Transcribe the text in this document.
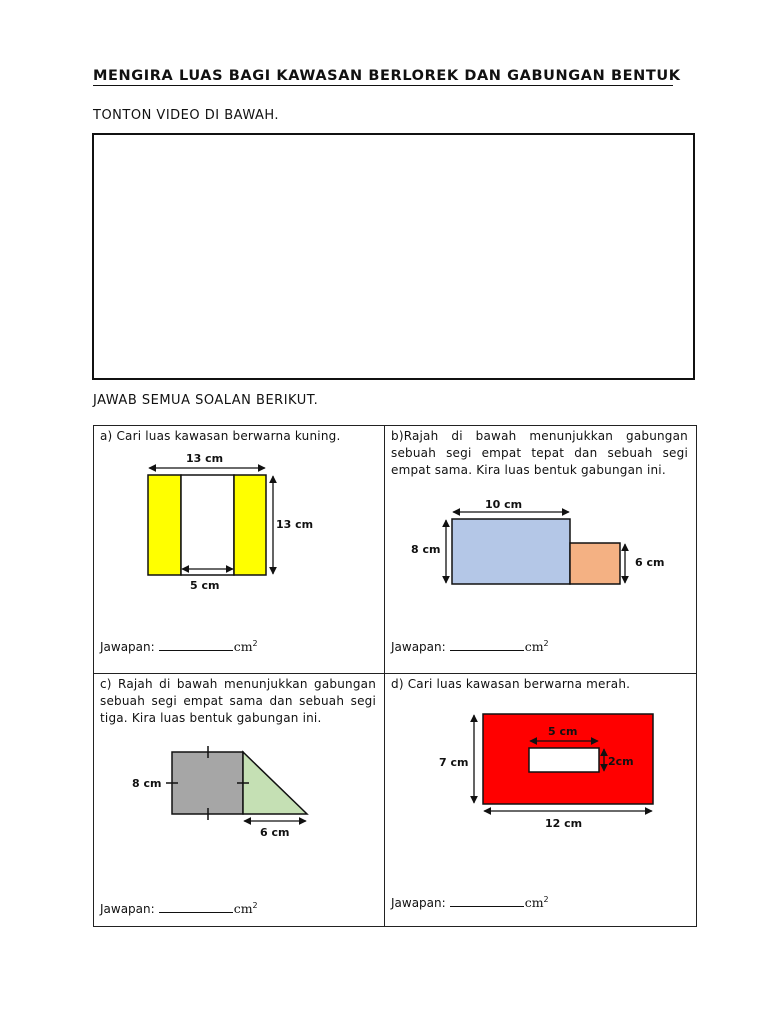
MENGIRA LUAS BAGI KAWASAN BERLOREK DAN GABUNGAN BENTUK
TONTON VIDEO DI BAWAH.
JAWAB SEMUA SOALAN BERIKUT.
a) Cari luas kawasan berwarna kuning.
13 cm
13 cm
5 cm
Jawapan:	$cm^2$
b)Rajah di bawah menunjukkan gabungan sebuah segi empat tepat dan sebuah segi empat sama. Kira luas bentuk gabungan ini.
10 cm
8 cm
6 cm
Jawapan:	$cm^2$
c) Rajah di bawah menunjukkan gabungan sebuah segi empat sama dan sebuah segi tiga. Kira luas bentuk gabungan ini.
8 cm
6 cm
Jawapan:	$cm^2$
d) Cari luas kawasan berwarna merah.
5 cm
2cm
7 cm
12 cm
Jawapan:	$cm^2$
